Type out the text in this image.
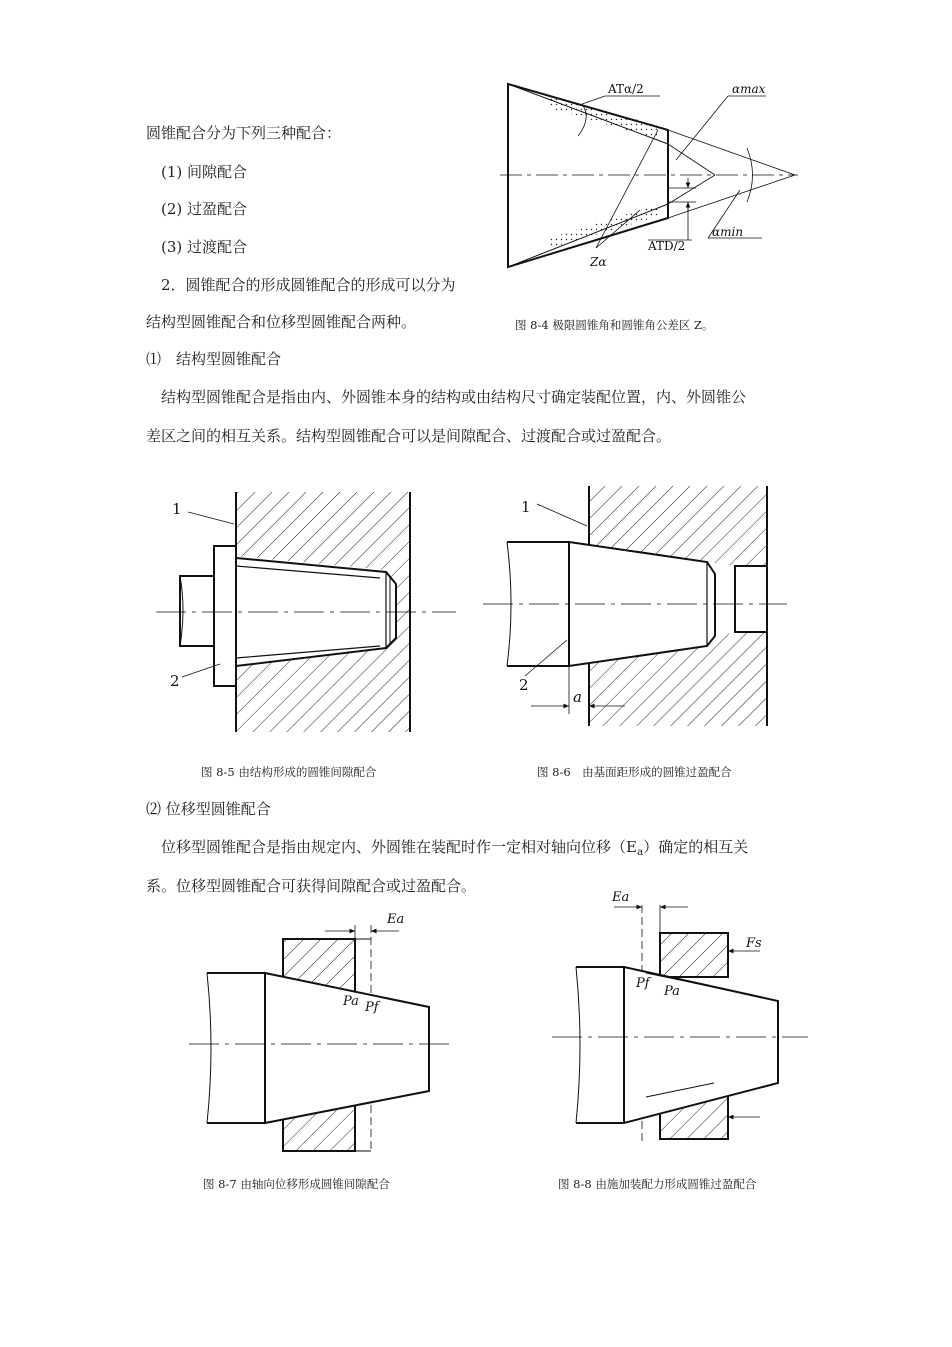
圆锥配合分为下列三种配合：
(1) 间隙配合
(2) 过盈配合
(3) 过渡配合
2．圆锥配合的形成圆锥配合的形成可以分为
结构型圆锥配合和位移型圆锥配合两种。
ATα/2	αmax
αmin
ATD/2
Zα
图 8-4 极限圆锥角和圆锥角公差区 Z。
⑴　结构型圆锥配合
结构型圆锥配合是指由内、外圆锥本身的结构或由结构尺寸确定装配位置，内、外圆锥公
差区之间的相互关系。结构型圆锥配合可以是间隙配合、过渡配合或过盈配合。
1
2
图 8-5 由结构形成的圆锥间隙配合
1
2
a
图 8-6　由基面距形成的圆锥过盈配合
⑵ 位移型圆锥配合
位移型圆锥配合是指由规定内、外圆锥在装配时作一定相对轴向位移$(E_a)$确定的相互关
系。位移型圆锥配合可获得间隙配合或过盈配合。
Ea
Pa Pf
图 8-7 由轴向位移形成圆锥间隙配合
Ea
Fs
Pf
Pa
图 8-8 由施加装配力形成圆锥过盈配合
